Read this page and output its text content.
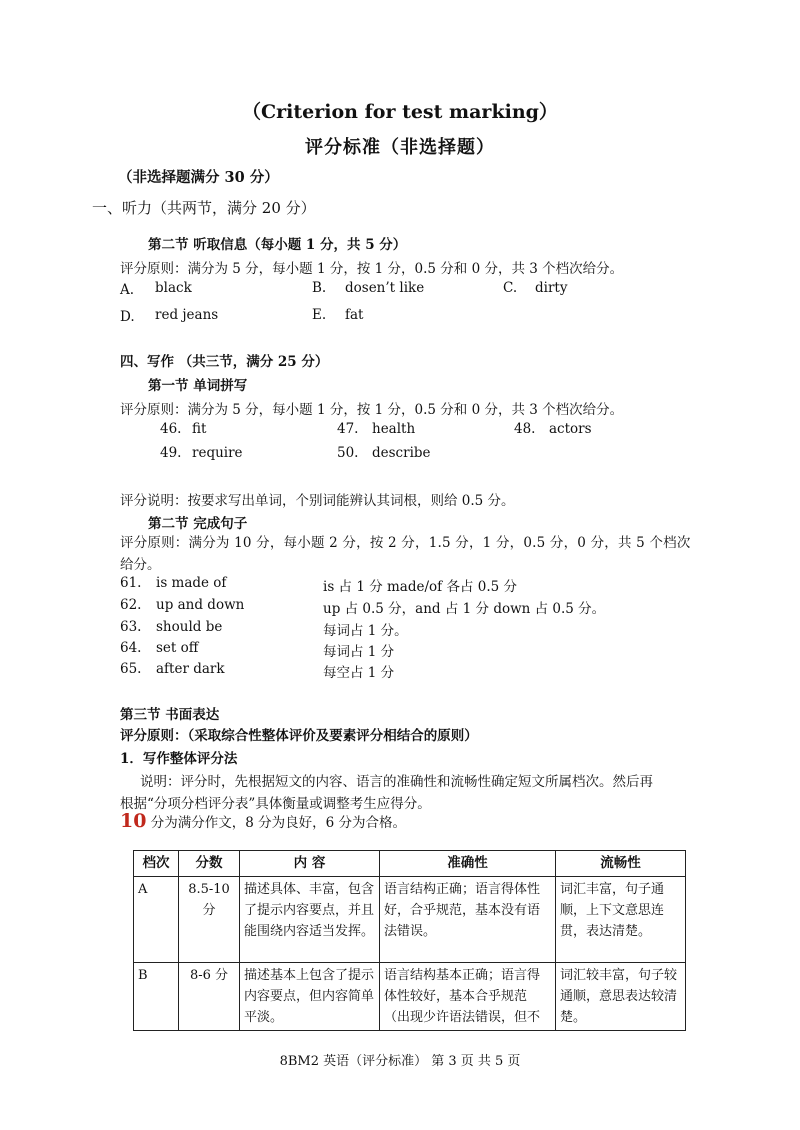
（Criterion for test marking）
评分标准（非选择题）
（非选择题满分 30 分）
一、听力（共两节，满分 20 分）
第二节 听取信息（每小题 1 分，共 5 分）
评分原则：满分为 5 分，每小题 1 分，按 1 分，0.5 分和 0 分，共 3 个档次给分。
A. black	B. dosen’t like	C. dirty
D. red jeans	E. fat
四、写作 （共三节，满分 25 分）
第一节 单词拼写
评分原则：满分为 5 分，每小题 1 分，按 1 分，0.5 分和 0 分，共 3 个档次给分。
46. fit	47. health	48. actors
49. require	50. describe
评分说明：按要求写出单词，个别词能辨认其词根，则给 0.5 分。
第二节 完成句子
评分原则：满分为 10 分，每小题 2 分，按 2 分，1.5 分，1 分，0.5 分，0 分，共 5 个档次
给分。
61. is made of	is 占 1 分 made/of 各占 0.5 分
62. up and down	up 占 0.5 分，and 占 1 分 down 占 0.5 分。
63. should be	每词占 1 分。
64. set off	每词占 1 分
65. after dark	每空占 1 分
第三节 书面表达
评分原则：（采取综合性整体评价及要素评分相结合的原则）
1．写作整体评分法
说明：评分时，先根据短文的内容、语言的准确性和流畅性确定短文所属档次。然后再
根据“分项分档评分表”具体衡量或调整考生应得分。
10 分为满分作文，8 分为良好，6 分为合格。
档次	分数	内 容	准确性	流畅性
A	8.5-10分	描述具体、丰富，包含了提示内容要点，并且能围绕内容适当发挥。	语言结构正确；语言得体性好，合乎规范，基本没有语法错误。	词汇丰富，句子通顺，上下文意思连贯，表达清楚。
B	8-6 分	描述基本上包含了提示内容要点，但内容简单平淡。	语言结构基本正确；语言得体性较好，基本合乎规范（出现少许语法错误，但不	词汇较丰富，句子较通顺，意思表达较清楚。
8BM2 英语（评分标准） 第 3 页 共 5 页
